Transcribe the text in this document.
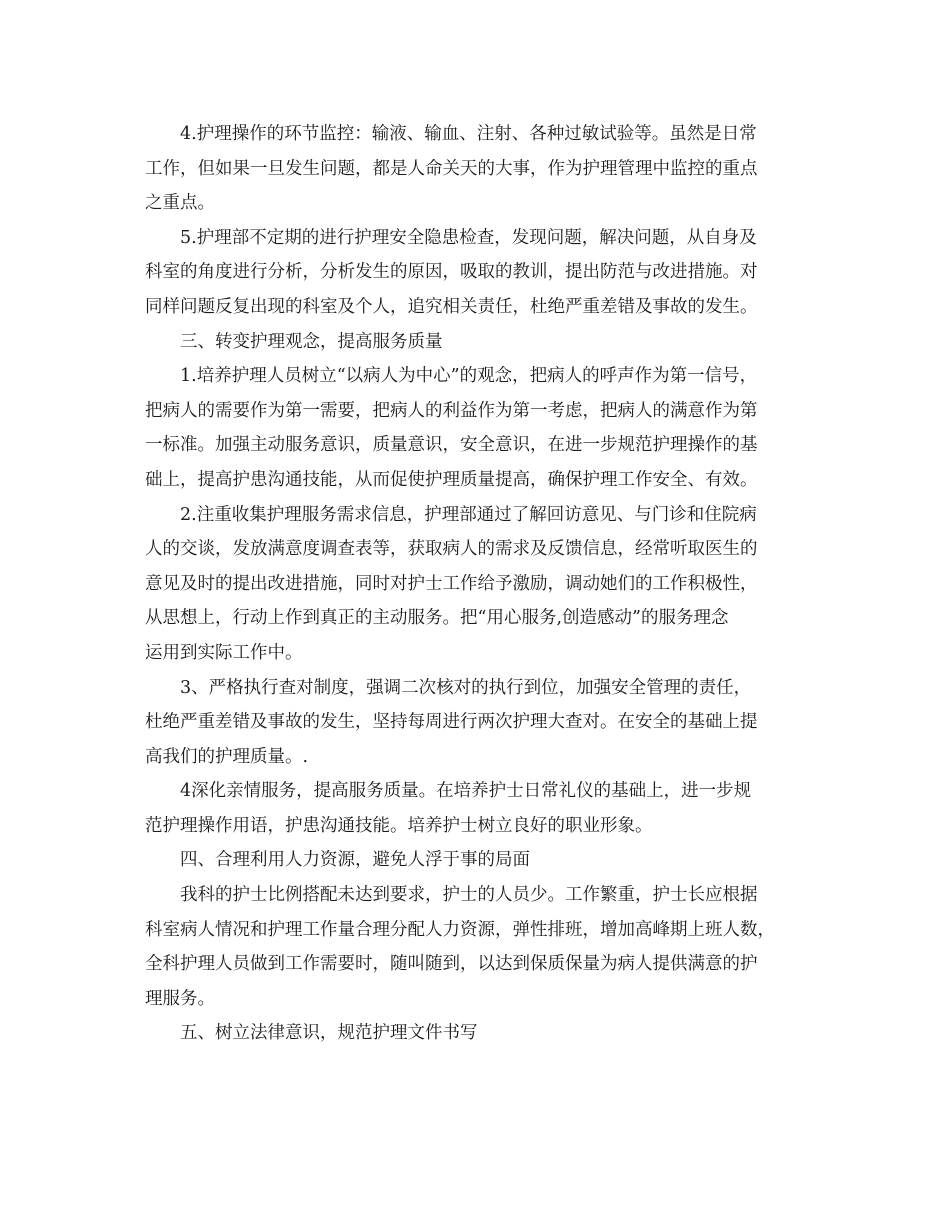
4.护理操作的环节监控：输液、输血、注射、各种过敏试验等。虽然是日常
工作，但如果一旦发生问题，都是人命关天的大事，作为护理管理中监控的重点
之重点。
5.护理部不定期的进行护理安全隐患检查，发现问题，解决问题，从自身及
科室的角度进行分析，分析发生的原因，吸取的教训，提出防范与改进措施。对
同样问题反复出现的科室及个人，追究相关责任，杜绝严重差错及事故的发生。
三、转变护理观念，提高服务质量
1.培养护理人员树立“以病人为中心”的观念，把病人的呼声作为第一信号，
把病人的需要作为第一需要，把病人的利益作为第一考虑，把病人的满意作为第
一标准。加强主动服务意识，质量意识，安全意识，在进一步规范护理操作的基
础上，提高护患沟通技能，从而促使护理质量提高，确保护理工作安全、有效。
2.注重收集护理服务需求信息，护理部通过了解回访意见、与门诊和住院病
人的交谈，发放满意度调查表等，获取病人的需求及反馈信息，经常听取医生的
意见及时的提出改进措施，同时对护士工作给予激励，调动她们的工作积极性，
从思想上，行动上作到真正的主动服务。把“用心服务,创造感动”的服务理念
运用到实际工作中。
3、严格执行查对制度，强调二次核对的执行到位，加强安全管理的责任，
杜绝严重差错及事故的发生，坚持每周进行两次护理大查对。在安全的基础上提
高我们的护理质量。.
4深化亲情服务，提高服务质量。在培养护士日常礼仪的基础上，进一步规
范护理操作用语，护患沟通技能。培养护士树立良好的职业形象。
四、合理利用人力资源，避免人浮于事的局面
我科的护士比例搭配未达到要求，护士的人员少。工作繁重，护士长应根据
科室病人情况和护理工作量合理分配人力资源，弹性排班，增加高峰期上班人数，
全科护理人员做到工作需要时，随叫随到，以达到保质保量为病人提供满意的护
理服务。
五、树立法律意识，规范护理文件书写
